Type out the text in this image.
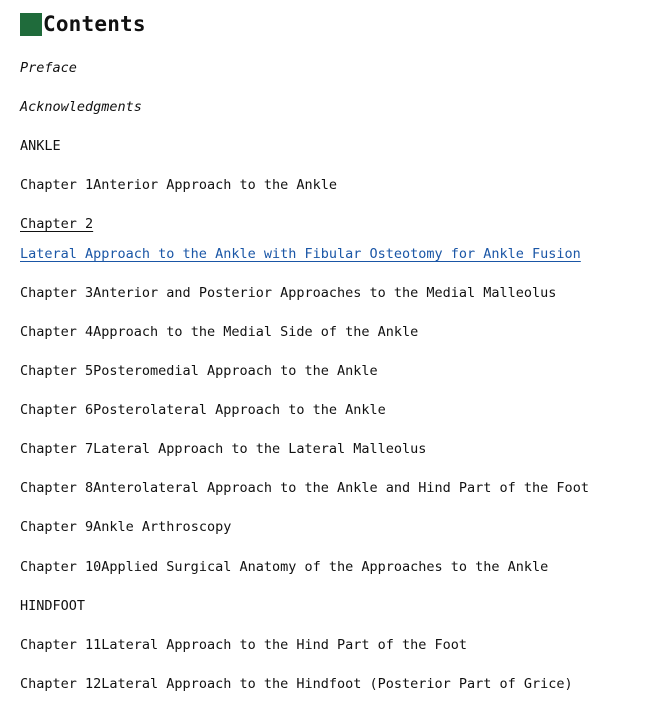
Contents
Preface
Acknowledgments
ANKLE
Chapter 1Anterior Approach to the Ankle
Chapter 2
Lateral Approach to the Ankle with Fibular Osteotomy for Ankle Fusion
Chapter 3Anterior and Posterior Approaches to the Medial Malleolus
Chapter 4Approach to the Medial Side of the Ankle
Chapter 5Posteromedial Approach to the Ankle
Chapter 6Posterolateral Approach to the Ankle
Chapter 7Lateral Approach to the Lateral Malleolus
Chapter 8Anterolateral Approach to the Ankle and Hind Part of the Foot
Chapter 9Ankle Arthroscopy
Chapter 10Applied Surgical Anatomy of the Approaches to the Ankle
HINDFOOT
Chapter 11Lateral Approach to the Hind Part of the Foot
Chapter 12Lateral Approach to the Hindfoot (Posterior Part of Grice)
